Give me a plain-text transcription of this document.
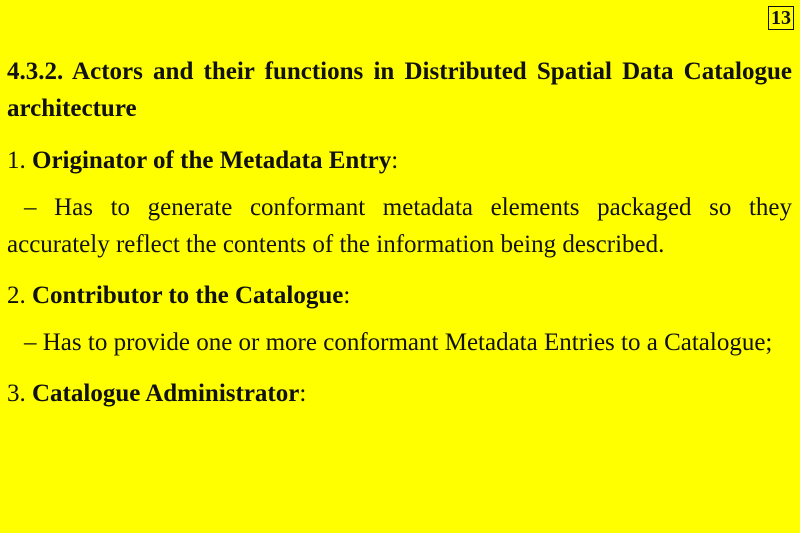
13
4.3.2. Actors and their functions in Distributed Spatial Data Catalogue architecture
1. Originator of the Metadata Entry:
– Has to generate conformant metadata elements packaged so they accurately reflect the contents of the information being described.
2. Contributor to the Catalogue:
– Has to provide one or more conformant Metadata Entries to a Catalogue;
3. Catalogue Administrator:
